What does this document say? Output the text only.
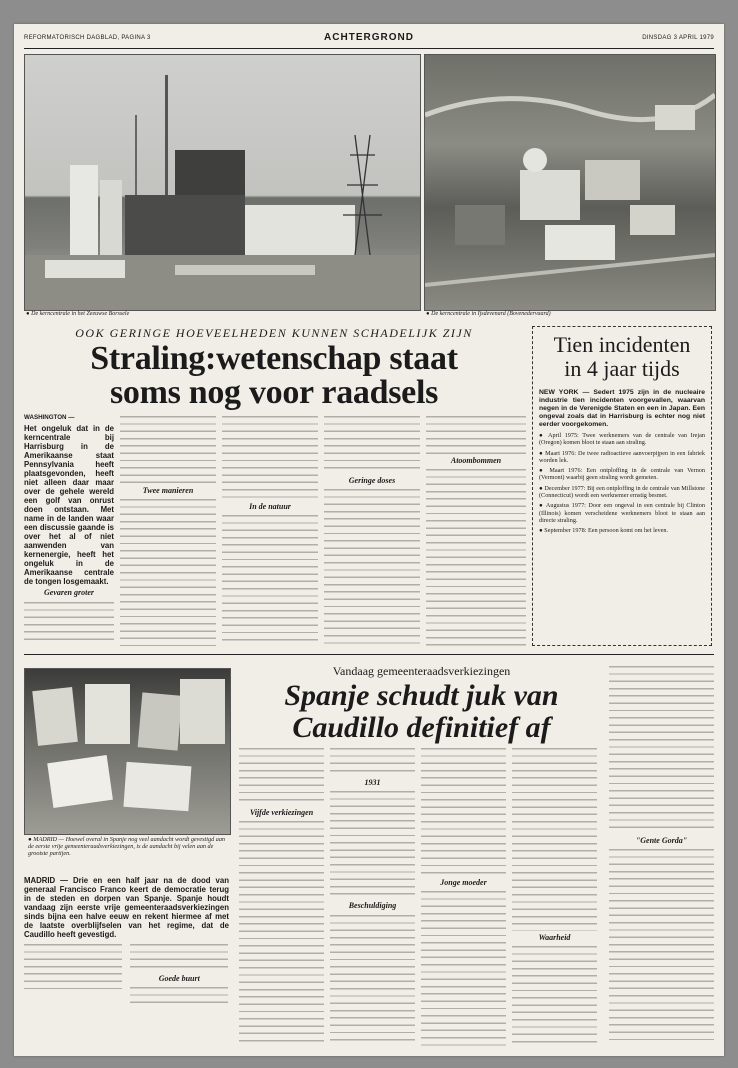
REFORMATORISCH DAGBLAD, PAGINA 3	ACHTERGROND	DINSDAG 3 APRIL 1979
● De kerncentrale in het Zeeuwse Borssele	● De kerncentrale in Ijsdevenard (Bovenedervaard)
OOK GERINGE HOEVEELHEDEN KUNNEN SCHADELIJK ZIJN
Straling:wetenschap staat
soms nog voor raadsels

WASHINGTON —

Het ongeluk dat in de kerncentrale bij Harrisburg in de Amerikaanse staat Pennsylvania heeft plaatsgevonden, heeft niet alleen daar maar over de gehele wereld een golf van onrust doen ontstaan. Met name in de landen waar een discussie gaande is over het al of niet aanwenden van kernenergie, heeft het ongeluk in de Amerikaanse centrale de tongen losgemaakt.

Gevaren groter
Twee manieren
In de natuur
Geringe doses
Atoombommen
Tien incidenten
in 4 jaar tijds

NEW YORK — Sedert 1975 zijn in de nucleaire industrie tien incidenten voorgevallen, waarvan negen in de Verenigde Staten en een in Japan. Een ongeval zoals dat in Harrisburg is echter nog niet eerder voorgekomen.

● April 1975: Twee werknemers van de centrale van Irejan (Oregon) komen bloot te staan aan straling.

● Maart 1976: De twee radioactieve aanvoerpijpen in een fabriek worden lek.

● Maart 1976: Een ontploffing in de centrale van Vernon (Vermont) waarbij geen straling wordt gemeten.

● December 1977: Bij een ontploffing in de centrale van Millstone (Connecticut) wordt een werknemer ernstig besmet.

● Augustus 1977: Door een ongeval in een centrale bij Clinton (Illinois) komen verscheidene werknemers bloot te staan aan directe straling.

● September 1978: Een persoon komt om het leven.

● MADRID — Hoewel overal in Spanje nog veel aandacht wordt gevestigd aan de eerste vrije gemeenteraadsverkiezingen, is de aandacht bij velen aan de grootste partijen.
Vandaag gemeenteraadsverkiezingen
Spanje schudt juk van
Caudillo definitief af

MADRID — Drie en een half jaar na de dood van generaal Francisco Franco keert de democratie terug in de steden en dorpen van Spanje. Spanje houdt vandaag zijn eerste vrije gemeenteraadsverkiezingen sinds bijna een halve eeuw en rekent hiermee af met de laatste overblijfselen van het regime, dat de Caudillo heeft gevestigd.

Goede buurt
Vijfde verkiezingen
1931
Beschuldiging
Jonge moeder
Waarheid
"Gente Gorda"
